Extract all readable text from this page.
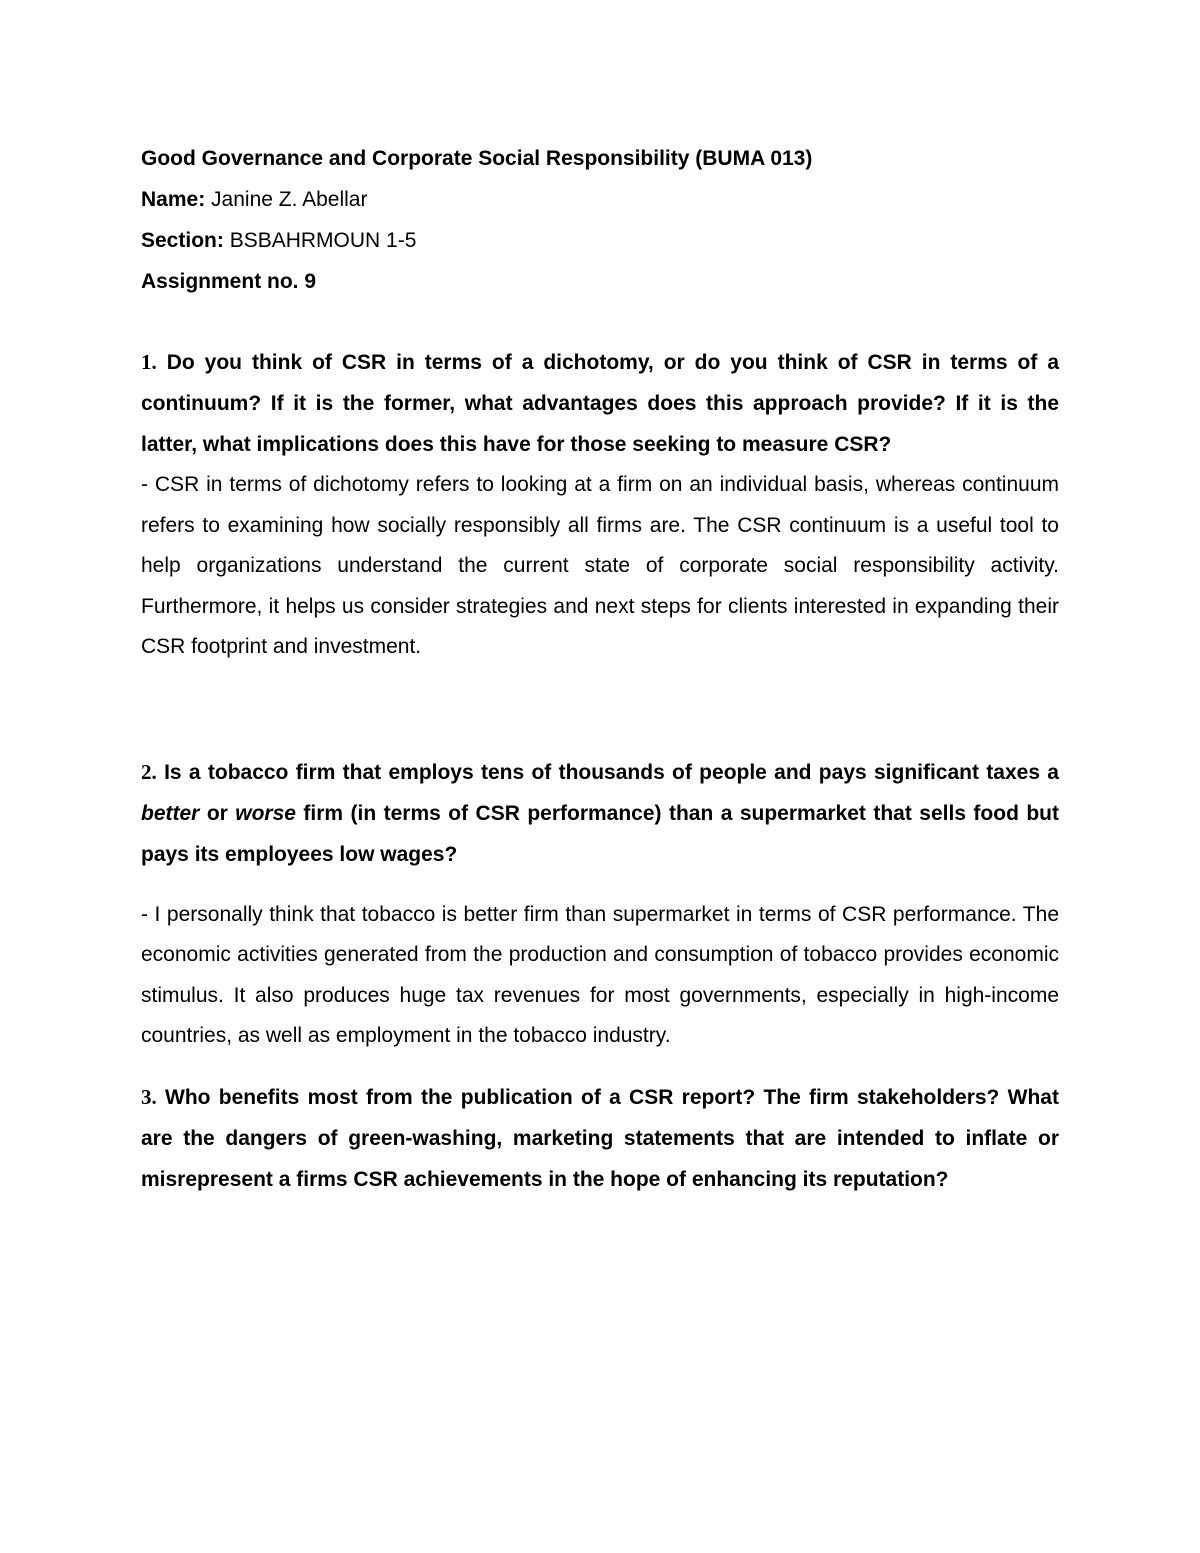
Good Governance and Corporate Social Responsibility (BUMA 013)

Name: Janine Z. Abellar

Section: BSBAHRMOUN 1-5

Assignment no. 9

1. Do you think of CSR in terms of a dichotomy, or do you think of CSR in terms of a continuum? If it is the former, what advantages does this approach provide? If it is the latter, what implications does this have for those seeking to measure CSR?

- CSR in terms of dichotomy refers to looking at a firm on an individual basis, whereas continuum refers to examining how socially responsibly all firms are. The CSR continuum is a useful tool to help organizations understand the current state of corporate social responsibility activity. Furthermore, it helps us consider strategies and next steps for clients interested in expanding their CSR footprint and investment.

2. Is a tobacco firm that employs tens of thousands of people and pays significant taxes a better or worse firm (in terms of CSR performance) than a supermarket that sells food but pays its employees low wages?

- I personally think that tobacco is better firm than supermarket in terms of CSR performance. The economic activities generated from the production and consumption of tobacco provides economic stimulus. It also produces huge tax revenues for most governments, especially in high-income countries, as well as employment in the tobacco industry.

3. Who benefits most from the publication of a CSR report? The firm stakeholders? What are the dangers of green-washing, marketing statements that are intended to inflate or misrepresent a firms CSR achievements in the hope of enhancing its reputation?
